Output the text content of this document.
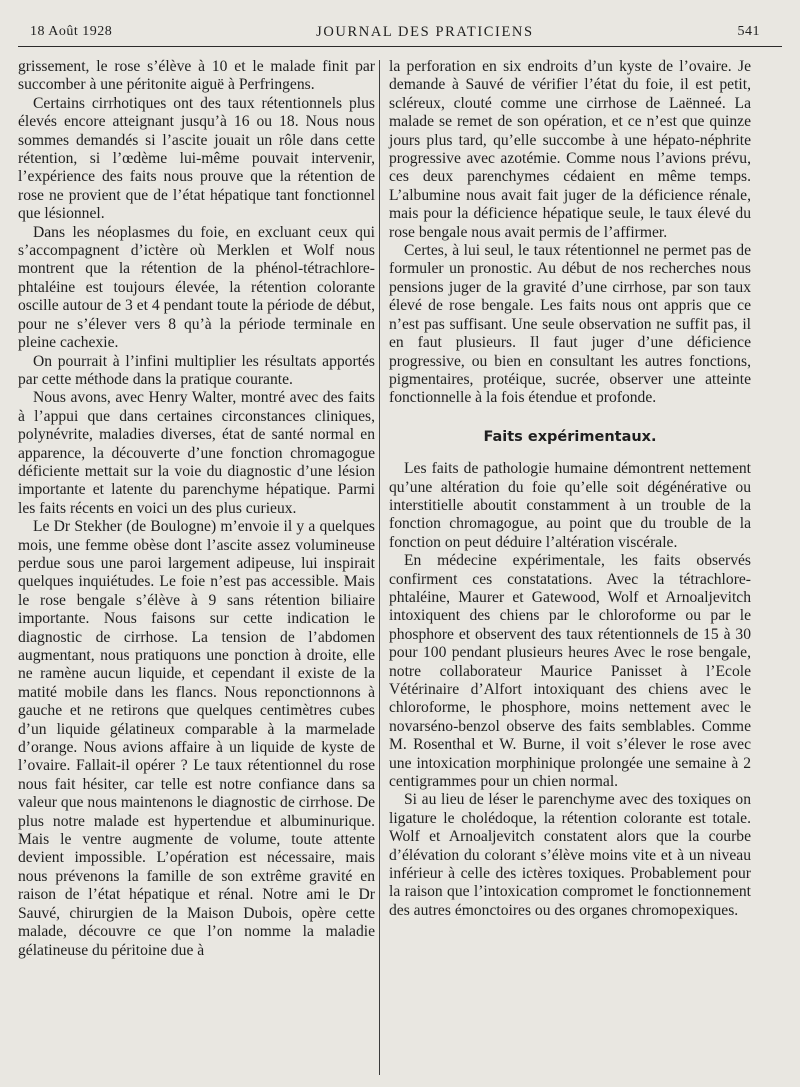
18 Août 1928	JOURNAL DES PRATICIENS	541

grissement, le rose s’élève à 10 et le malade finit par succomber à une péritonite aiguë à Perfringens.

Certains cirrhotiques ont des taux rétentionnels plus élevés encore atteignant jusqu’à 16 ou 18. Nous nous sommes demandés si l’ascite jouait un rôle dans cette rétention, si l’œdème lui-même pouvait intervenir, l’expérience des faits nous prouve que la rétention de rose ne provient que de l’état hépatique tant fonctionnel que lésionnel.

Dans les néoplasmes du foie, en excluant ceux qui s’accompagnent d’ictère où Merklen et Wolf nous montrent que la rétention de la phénol-tétrachlore-phtaléine est toujours élevée, la rétention colorante oscille autour de 3 et 4 pendant toute la période de début, pour ne s’élever vers 8 qu’à la période terminale en pleine cachexie.

On pourrait à l’infini multiplier les résultats apportés par cette méthode dans la pratique courante.

Nous avons, avec Henry Walter, montré avec des faits à l’appui que dans certaines circonstances cliniques, polynévrite, maladies diverses, état de santé normal en apparence, la découverte d’une fonction chromagogue déficiente mettait sur la voie du diagnostic d’une lésion importante et latente du parenchyme hépatique. Parmi les faits récents en voici un des plus curieux.

Le Dr Stekher (de Boulogne) m’envoie il y a quelques mois, une femme obèse dont l’ascite assez volumineuse perdue sous une paroi largement adipeuse, lui inspirait quelques inquiétudes. Le foie n’est pas accessible. Mais le rose bengale s’élève à 9 sans rétention biliaire importante. Nous faisons sur cette indication le diagnostic de cirrhose. La tension de l’abdomen augmentant, nous pratiquons une ponction à droite, elle ne ramène aucun liquide, et cependant il existe de la matité mobile dans les flancs. Nous reponctionnons à gauche et ne retirons que quelques centimètres cubes d’un liquide gélatineux comparable à la marmelade d’orange. Nous avions affaire à un liquide de kyste de l’ovaire. Fallait-il opérer ? Le taux rétentionnel du rose nous fait hésiter, car telle est notre confiance dans sa valeur que nous maintenons le diagnostic de cirrhose. De plus notre malade est hypertendue et albuminurique. Mais le ventre augmente de volume, toute attente devient impossible. L’opération est nécessaire, mais nous prévenons la famille de son extrême gravité en raison de l’état hépatique et rénal. Notre ami le Dr Sauvé, chirurgien de la Maison Dubois, opère cette malade, découvre ce que l’on nomme la maladie gélatineuse du péritoine due à

la perforation en six endroits d’un kyste de l’ovaire. Je demande à Sauvé de vérifier l’état du foie, il est petit, scléreux, clouté comme une cirrhose de Laënneé. La malade se remet de son opération, et ce n’est que quinze jours plus tard, qu’elle succombe à une hépato-néphrite progressive avec azotémie. Comme nous l’avions prévu, ces deux parenchymes cédaient en même temps. L’albumine nous avait fait juger de la déficience rénale, mais pour la déficience hépatique seule, le taux élevé du rose bengale nous avait permis de l’affirmer.

Certes, à lui seul, le taux rétentionnel ne permet pas de formuler un pronostic. Au début de nos recherches nous pensions juger de la gravité d’une cirrhose, par son taux élevé de rose bengale. Les faits nous ont appris que ce n’est pas suffisant. Une seule observation ne suffit pas, il en faut plusieurs. Il faut juger d’une déficience progressive, ou bien en consultant les autres fonctions, pigmentaires, protéique, sucrée, observer une atteinte fonctionnelle à la fois étendue et profonde.

Faits expérimentaux.

Les faits de pathologie humaine démontrent nettement qu’une altération du foie qu’elle soit dégénérative ou interstitielle aboutit constamment à un trouble de la fonction chromagogue, au point que du trouble de la fonction on peut déduire l’altération viscérale.

En médecine expérimentale, les faits observés confirment ces constatations. Avec la tétrachlore-phtaléine, Maurer et Gatewood, Wolf et Arnoaljevitch intoxiquent des chiens par le chloroforme ou par le phosphore et observent des taux rétentionnels de 15 à 30 pour 100 pendant plusieurs heures Avec le rose bengale, notre collaborateur Maurice Panisset à l’Ecole Vétérinaire d’Alfort intoxiquant des chiens avec le chloroforme, le phosphore, moins nettement avec le novarséno-benzol observe des faits semblables. Comme M. Rosenthal et W. Burne, il voit s’élever le rose avec une intoxication morphinique prolongée une semaine à 2 centigrammes pour un chien normal.

Si au lieu de léser le parenchyme avec des toxiques on ligature le cholédoque, la rétention colorante est totale. Wolf et Arnoaljevitch constatent alors que la courbe d’élévation du colorant s’élève moins vite et à un niveau inférieur à celle des ictères toxiques. Probablement pour la raison que l’intoxication compromet le fonctionnement des autres émonctoires ou des organes chromopexiques.
